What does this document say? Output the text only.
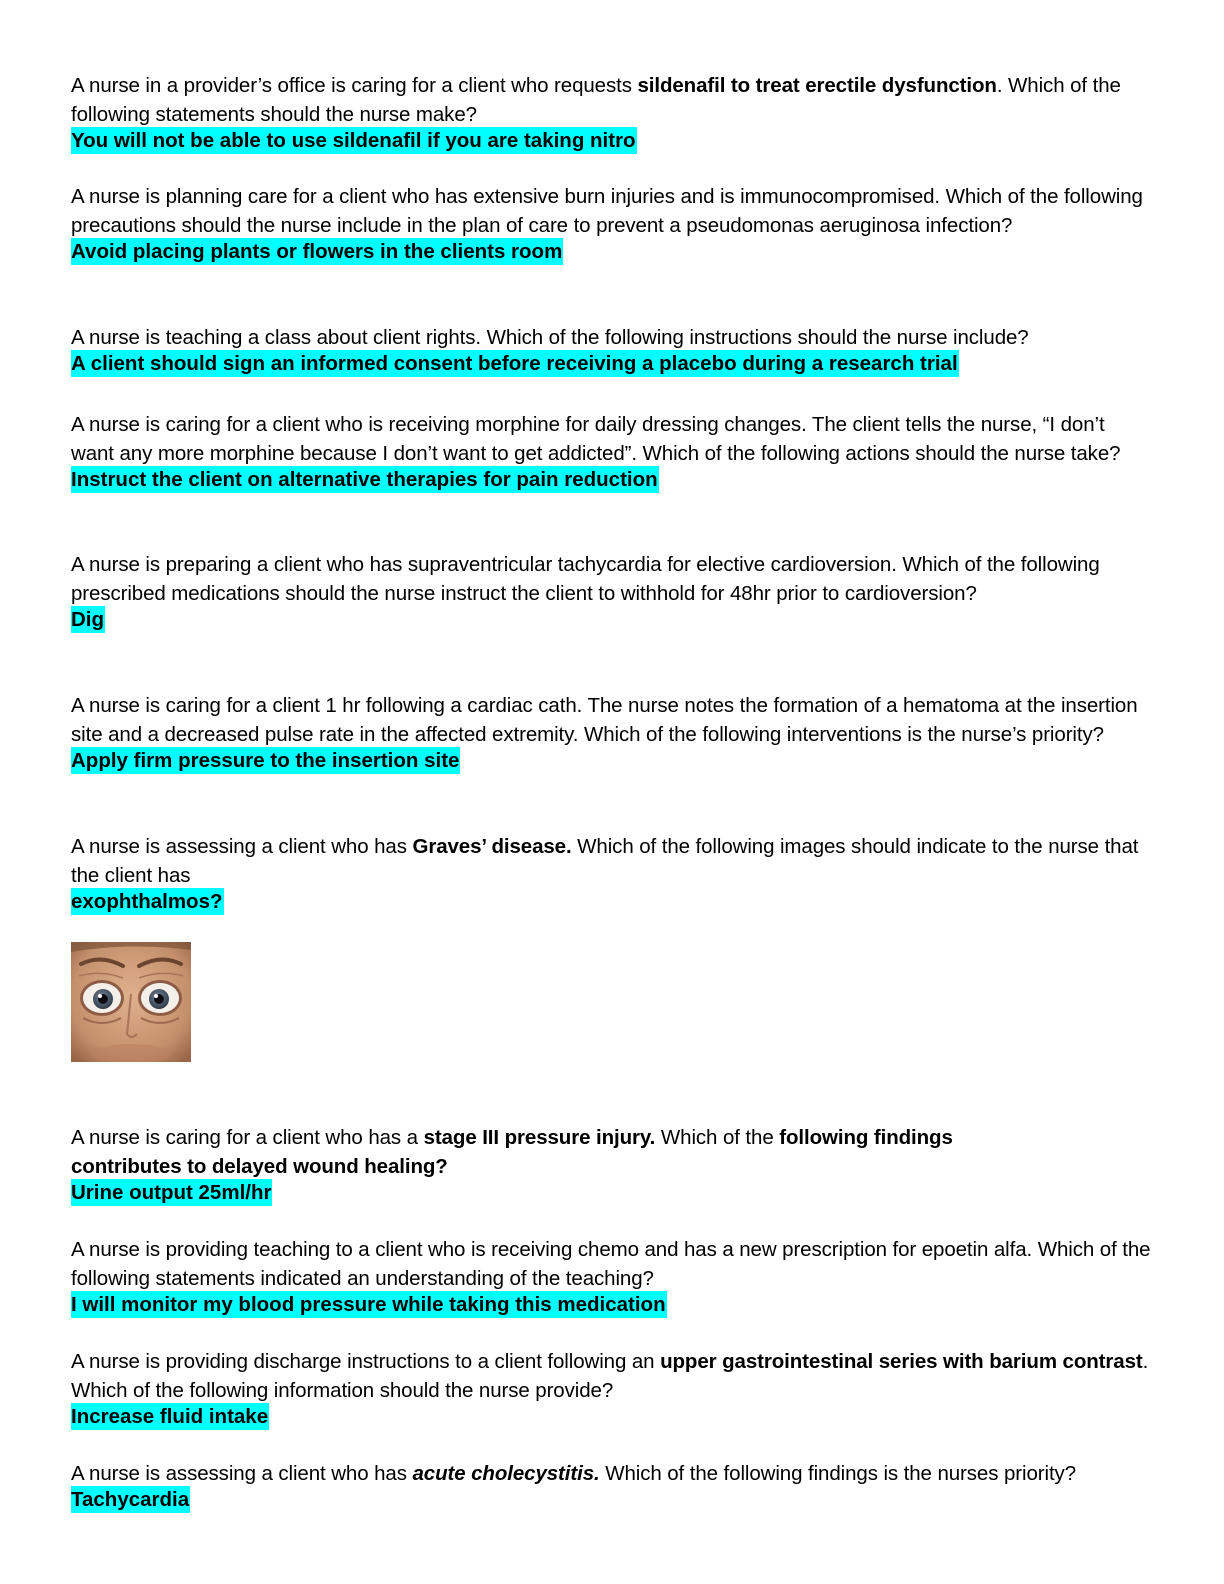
A nurse in a provider’s office is caring for a client who requests sildenafil to treat erectile dysfunction. Which of the following statements should the nurse make?
You will not be able to use sildenafil if you are taking nitro
A nurse is planning care for a client who has extensive burn injuries and is immunocompromised. Which of the following precautions should the nurse include in the plan of care to prevent a pseudomonas aeruginosa infection?
Avoid placing plants or flowers in the clients room
A nurse is teaching a class about client rights. Which of the following instructions should the nurse include?
A client should sign an informed consent before receiving a placebo during a research trial
A nurse is caring for a client who is receiving morphine for daily dressing changes. The client tells the nurse, “I don’t want any more morphine because I don’t want to get addicted”. Which of the following actions should the nurse take?
Instruct the client on alternative therapies for pain reduction
A nurse is preparing a client who has supraventricular tachycardia for elective cardioversion. Which of the following prescribed medications should the nurse instruct the client to withhold for 48hr prior to cardioversion?
Dig
A nurse is caring for a client 1 hr following a cardiac cath. The nurse notes the formation of a hematoma at the insertion site and a decreased pulse rate in the affected extremity. Which of the following interventions is the nurse’s priority?
Apply firm pressure to the insertion site
A nurse is assessing a client who has Graves’ disease. Which of the following images should indicate to the nurse that the client has
exophthalmos?
A nurse is caring for a client who has a stage III pressure injury. Which of the following findings
contributes to delayed wound healing?
Urine output 25ml/hr
A nurse is providing teaching to a client who is receiving chemo and has a new prescription for epoetin alfa. Which of the following statements indicated an understanding of the teaching?
I will monitor my blood pressure while taking this medication
A nurse is providing discharge instructions to a client following an upper gastrointestinal series with barium contrast. Which of the following information should the nurse provide?
Increase fluid intake
A nurse is assessing a client who has acute cholecystitis. Which of the following findings is the nurses priority?
Tachycardia
